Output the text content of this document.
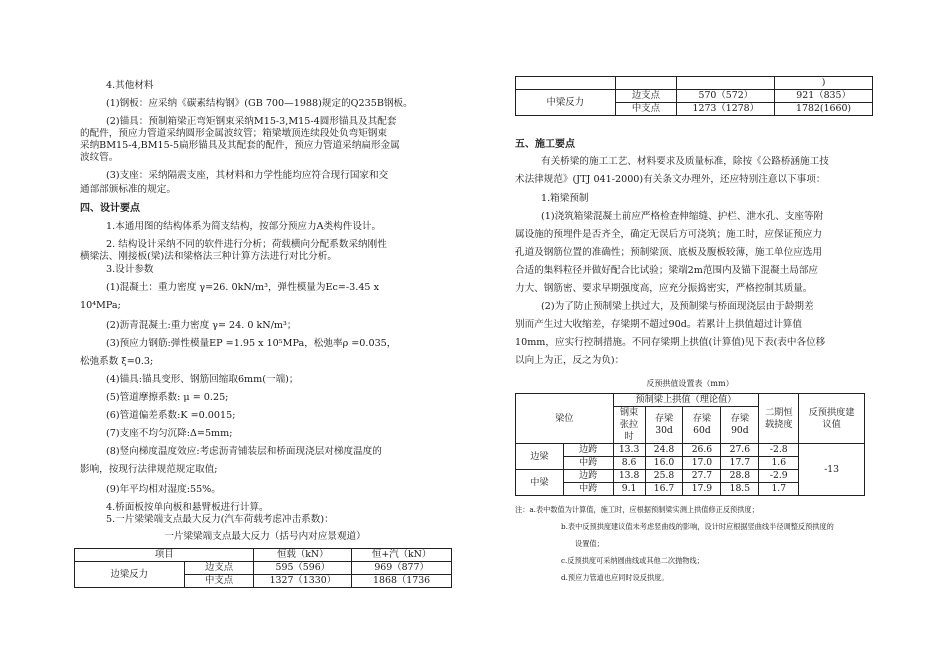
4.其他材料
(1)钢板：应采纳《碳素结构钢》(GB 700—1988)规定的Q235B钢板。
(2)锚具：预制箱梁正弯矩钢束采纳M15-3,M15-4圆形锚具及其配套
的配件，预应力管道采纳圆形金属波纹管；箱梁墩顶连续段处负弯矩钢束
采纳BM15-4,BM15-5扁形锚具及其配套的配件，预应力管道采纳扁形金属
波纹管。
(3)支座：采纳隔震支座，其材料和力学性能均应符合现行国家和交
通部部颁标准的规定。
四、设计要点
1.本通用图的结构体系为简支结构，按部分预应力A类构件设计。
2. 结构设计采纳不同的软件进行分析；荷载横向分配系数采纳刚性
横梁法、刚接板(梁)法和梁格法三种计算方法进行对比分析。
3.设计参数
(1)混凝土：重力密度 γ=26. 0kN/m³，弹性模量为Ec=-3.45 x
10⁴MPa;
(2)沥青混凝土:重力密度 γ= 24. 0 kN/m³；
(3)预应力钢筋:弹性模量EP =1.95 x 10⁵MPa，松弛率ρ =0.035，
松弛系数 ξ=0.3;
(4)锚具:锚具变形、钢筋回缩取6mm(一端)；
(5)管道摩擦系数: μ = 0.25;
(6)管道偏差系数:K =0.0015;
(7)支座不均匀沉降:Δ=5mm;
(8)竖向梯度温度效应:考虑沥青铺装层和桥面现浇层对梯度温度的
影响，按现行法律规范规定取值;
(9)年平均相对湿度:55%。
4.桥面板按单向板和悬臂板进行计算。
5.一片梁梁端支点最大反力(汽车荷载考虑冲击系数)：
一片梁梁端支点最大反力（括号内对应景观道）
项目		恒载（kN）	恒+汽（kN）
边梁反力	边支点	595（596）	969（877）
	中支点	1327（1330）	1868（1736
			)
中梁反力	边支点	570（572）	921（835）
	中支点	1273（1278）	1782(1660)
五、施工要点
有关桥梁的施工工艺、材料要求及质量标准，除按《公路桥涵施工技
术法律规范》(JTJ 041-2000)有关条文办理外，还应特别注意以下事项：
1.箱梁预制
(1)浇筑箱梁混凝土前应严格检查伸缩缝、护栏、泄水孔、支座等附
属设施的预埋件是否齐全，确定无误后方可浇筑；施工时，应保证预应力
孔道及钢筋位置的准确性；预制梁顶、底板及腹板较薄，施工单位应选用
合适的集料粒径并做好配合比试验；梁端2m范围内及锚下混凝土局部应
力大、钢筋密、要求早期强度高，应充分振捣密实，严格控制其质量。
(2)为了防止预制梁上拱过大，及预制梁与桥面现浇层由于龄期差
别而产生过大收缩差，存梁期不超过90d。若累计上拱值超过计算值
10mm，应实行控制措施。不同存梁期上拱值(计算值)见下表(表中各位移
以向上为正，反之为负)：
反预拱值设置表（mm）
梁位		预制梁上拱值（理论值）				二期恒
载挠度	反预拱度建
议值
		钢束
张拉
时	存梁
30d	存梁
60d	存梁
90d		
边梁	边跨	13.3	24.8	26.6	27.6	-2.8	-13
	中跨	8.6	16.0	17.0	17.7	1.6	
中梁	边跨	13.8	25.8	27.7	28.8	-2.9	
	中跨	9.1	16.7	17.9	18.5	1.7	
注：a.表中数值为计算值，施工时，应根据预制梁实测上拱值修正反预拱度；
b.表中反预拱度建议值未考虑竖曲线的影响，设计时应根据竖曲线半径调整反预拱度的
设置值；
c.反预拱度可采纳圆曲线或其他二次抛物线；
d.预应力管道也应同时设反拱度。
